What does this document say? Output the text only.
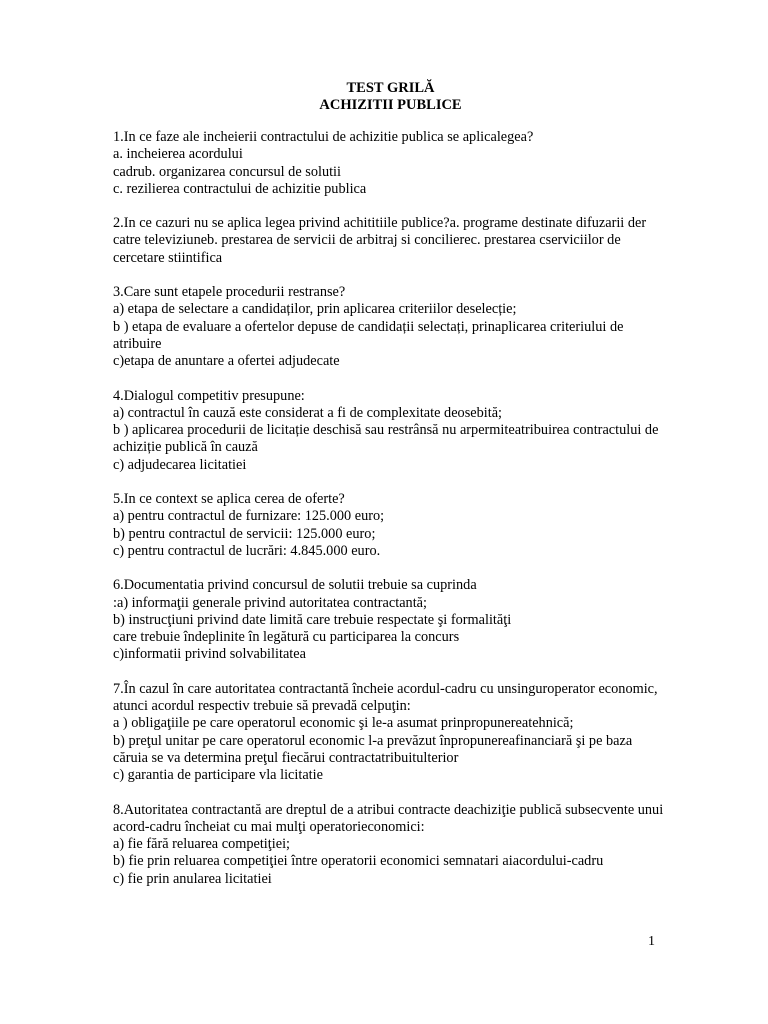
TEST GRILĂ

ACHIZITII PUBLICE

1.In ce faze ale incheierii contractului de achizitie publica se aplicalegea?

a. incheierea acordului

cadrub. organizarea concursul de solutii

c. rezilierea contractului de achizitie publica

2.In ce cazuri nu se aplica legea privind achititiile publice?a. programe destinate difuzarii der catre televiziuneb. prestarea de servicii de arbitraj si concilierec. prestarea cserviciilor de cercetare stiintifica

3.Care sunt etapele procedurii restranse?

a) etapa de selectare a candidaților, prin aplicarea criteriilor deselecție;

b ) etapa de evaluare a ofertelor depuse de candidații selectați, prinaplicarea criteriului de atribuire

c)etapa de anuntare a ofertei adjudecate

4.Dialogul competitiv presupune:

a) contractul în cauză este considerat a fi de complexitate deosebită;

b ) aplicarea procedurii de licitație deschisă sau restrânsă nu arpermiteatribuirea contractului de achiziție publică în cauză

c) adjudecarea licitatiei

5.In ce context se aplica cerea de oferte?

a) pentru contractul de furnizare: 125.000 euro;

b) pentru contractul de servicii: 125.000 euro;

c) pentru contractul de lucrări: 4.845.000 euro.

6.Documentatia privind concursul de solutii trebuie sa cuprinda

:a) informaţii generale privind autoritatea contractantă;

b) instrucţiuni privind date limită care trebuie respectate şi formalităţi

care trebuie îndeplinite în legătură cu participarea la concurs

c)informatii privind solvabilitatea

7.În cazul în care autoritatea contractantă încheie acordul-cadru cu unsinguroperator economic, atunci acordul respectiv trebuie să prevadă celpuţin:

a ) obligaţiile pe care operatorul economic şi le-a asumat prinpropunereatehnică;

b) preţul unitar pe care operatorul economic l-a prevăzut înpropunereafinanciară şi pe baza căruia se va determina preţul fiecărui contractatribuitulterior

c) garantia de participare vla licitatie

8.Autoritatea contractantă are dreptul de a atribui contracte deachiziţie publică subsecvente unui acord-cadru încheiat cu mai mulţi operatorieconomici:

a) fie fără reluarea competiţiei;

b) fie prin reluarea competiţiei între operatorii economici semnatari aiacordului-cadru

c) fie prin anularea licitatiei

1
